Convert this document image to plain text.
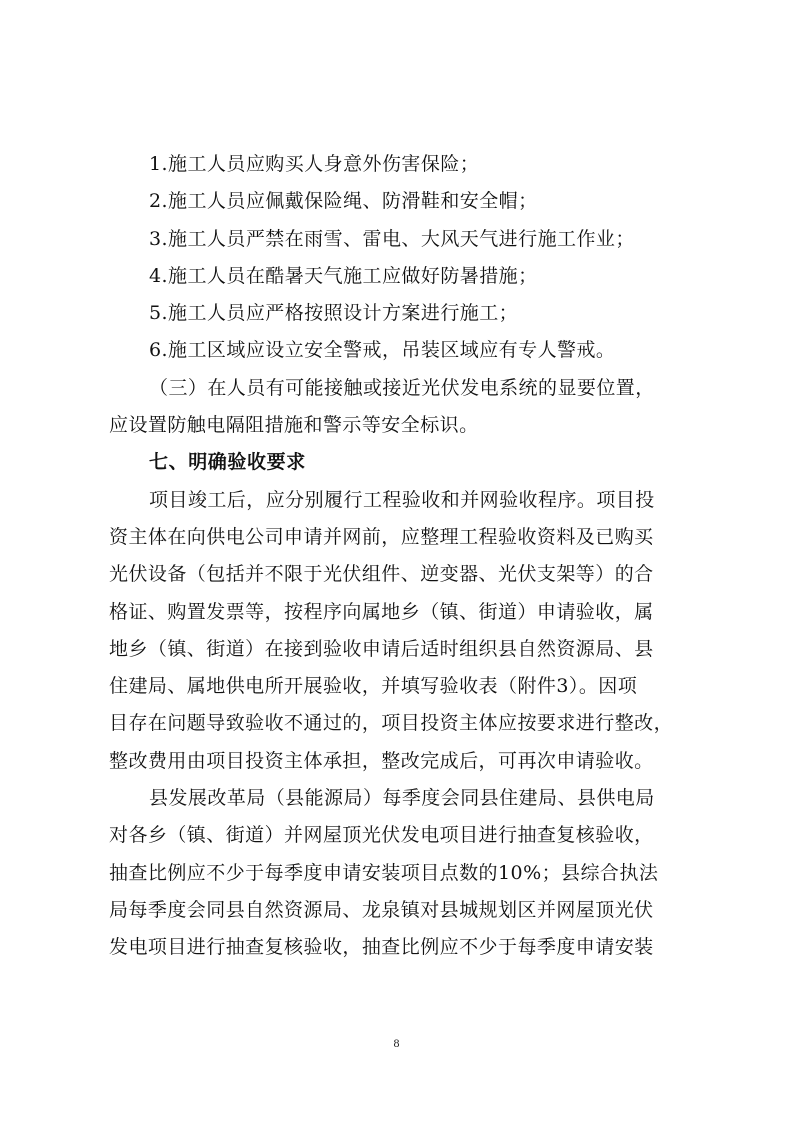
1.施工人员应购买人身意外伤害保险；
2.施工人员应佩戴保险绳、防滑鞋和安全帽；
3.施工人员严禁在雨雪、雷电、大风天气进行施工作业；
4.施工人员在酷暑天气施工应做好防暑措施；
5.施工人员应严格按照设计方案进行施工；
6.施工区域应设立安全警戒，吊装区域应有专人警戒。
（三）在人员有可能接触或接近光伏发电系统的显要位置，
应设置防触电隔阻措施和警示等安全标识。
七、明确验收要求
项目竣工后，应分别履行工程验收和并网验收程序。项目投
资主体在向供电公司申请并网前，应整理工程验收资料及已购买
光伏设备（包括并不限于光伏组件、逆变器、光伏支架等）的合
格证、购置发票等，按程序向属地乡（镇、街道）申请验收，属
地乡（镇、街道）在接到验收申请后适时组织县自然资源局、县
住建局、属地供电所开展验收，并填写验收表（附件3）。因项
目存在问题导致验收不通过的，项目投资主体应按要求进行整改，
整改费用由项目投资主体承担，整改完成后，可再次申请验收。
县发展改革局（县能源局）每季度会同县住建局、县供电局
对各乡（镇、街道）并网屋顶光伏发电项目进行抽查复核验收，
抽查比例应不少于每季度申请安装项目点数的10%；县综合执法
局每季度会同县自然资源局、龙泉镇对县城规划区并网屋顶光伏
发电项目进行抽查复核验收，抽查比例应不少于每季度申请安装
8
